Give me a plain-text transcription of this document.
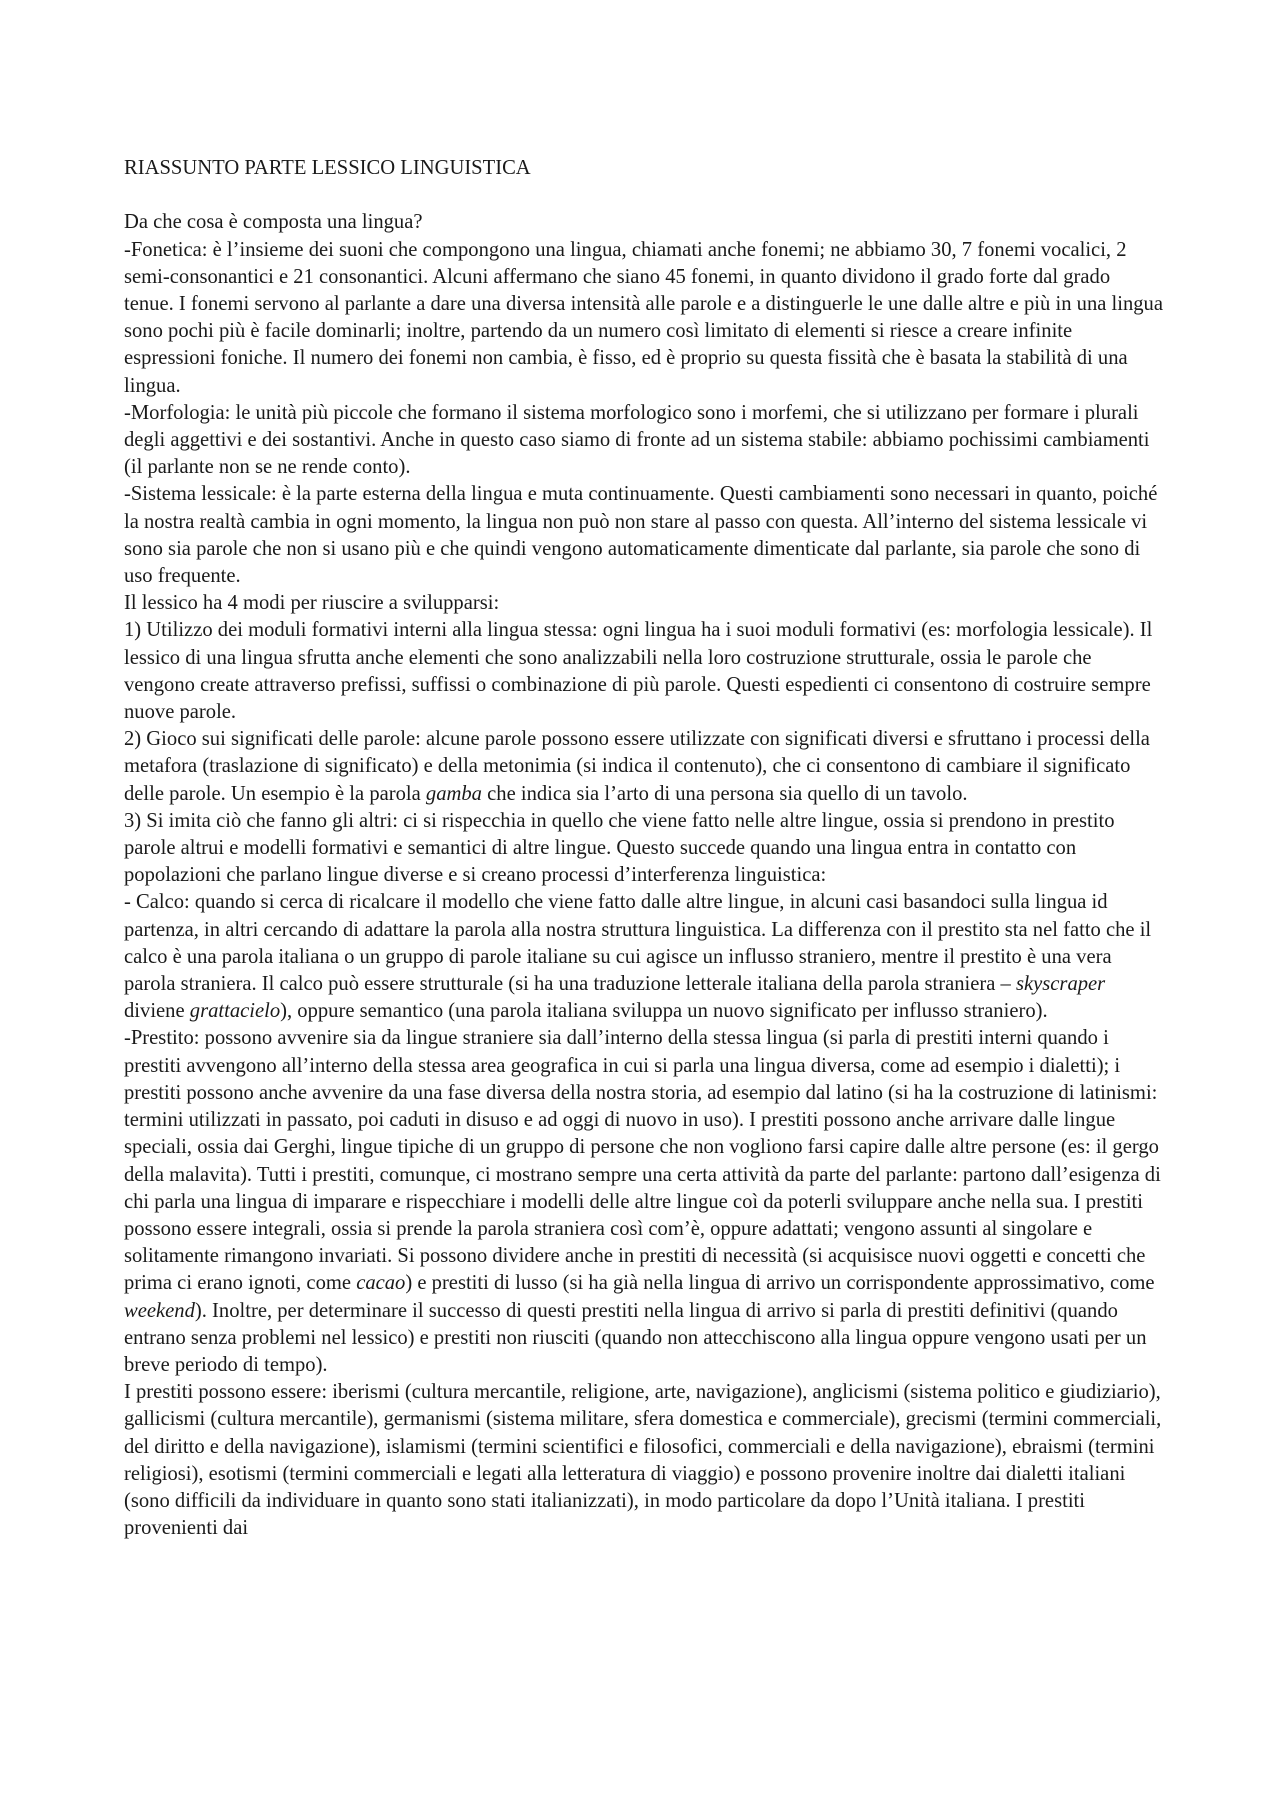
RIASSUNTO PARTE LESSICO LINGUISTICA

Da che cosa è composta una lingua?

-Fonetica: è l’insieme dei suoni che compongono una lingua, chiamati anche fonemi; ne abbiamo 30, 7 fonemi vocalici, 2 semi-consonantici e 21 consonantici. Alcuni affermano che siano 45 fonemi, in quanto dividono il grado forte dal grado tenue. I fonemi servono al parlante a dare una diversa intensità alle parole e a distinguerle le une dalle altre e più in una lingua sono pochi più è facile dominarli; inoltre, partendo da un numero così limitato di elementi si riesce a creare infinite espressioni foniche. Il numero dei fonemi non cambia, è fisso, ed è proprio su questa fissità che è basata la stabilità di una lingua.

-Morfologia: le unità più piccole che formano il sistema morfologico sono i morfemi, che si utilizzano per formare i plurali degli aggettivi e dei sostantivi. Anche in questo caso siamo di fronte ad un sistema stabile: abbiamo pochissimi cambiamenti (il parlante non se ne rende conto).

-Sistema lessicale: è la parte esterna della lingua e muta continuamente. Questi cambiamenti sono necessari in quanto, poiché la nostra realtà cambia in ogni momento, la lingua non può non stare al passo con questa. All’interno del sistema lessicale vi sono sia parole che non si usano più e che quindi vengono automaticamente dimenticate dal parlante, sia parole che sono di uso frequente.

Il lessico ha 4 modi per riuscire a svilupparsi:

1) Utilizzo dei moduli formativi interni alla lingua stessa: ogni lingua ha i suoi moduli formativi (es: morfologia lessicale). Il lessico di una lingua sfrutta anche elementi che sono analizzabili nella loro costruzione strutturale, ossia le parole che vengono create attraverso prefissi, suffissi o combinazione di più parole. Questi espedienti ci consentono di costruire sempre nuove parole.

2) Gioco sui significati delle parole: alcune parole possono essere utilizzate con significati diversi e sfruttano i processi della metafora (traslazione di significato) e della metonimia (si indica il contenuto), che ci consentono di cambiare il significato delle parole. Un esempio è la parola gamba che indica sia l’arto di una persona sia quello di un tavolo.

3) Si imita ciò che fanno gli altri: ci si rispecchia in quello che viene fatto nelle altre lingue, ossia si prendono in prestito parole altrui e modelli formativi e semantici di altre lingue. Questo succede quando una lingua entra in contatto con popolazioni che parlano lingue diverse e si creano processi d’interferenza linguistica:

- Calco: quando si cerca di ricalcare il modello che viene fatto dalle altre lingue, in alcuni casi basandoci sulla lingua id partenza, in altri cercando di adattare la parola alla nostra struttura linguistica. La differenza con il prestito sta nel fatto che il calco è una parola italiana o un gruppo di parole italiane su cui agisce un influsso straniero, mentre il prestito è una vera parola straniera. Il calco può essere strutturale (si ha una traduzione letterale italiana della parola straniera – skyscraper diviene grattacielo), oppure semantico (una parola italiana sviluppa un nuovo significato per influsso straniero).

-Prestito: possono avvenire sia da lingue straniere sia dall’interno della stessa lingua (si parla di prestiti interni quando i prestiti avvengono all’interno della stessa area geografica in cui si parla una lingua diversa, come ad esempio i dialetti); i prestiti possono anche avvenire da una fase diversa della nostra storia, ad esempio dal latino (si ha la costruzione di latinismi: termini utilizzati in passato, poi caduti in disuso e ad oggi di nuovo in uso). I prestiti possono anche arrivare dalle lingue speciali, ossia dai Gerghi, lingue tipiche di un gruppo di persone che non vogliono farsi capire dalle altre persone (es: il gergo della malavita). Tutti i prestiti, comunque, ci mostrano sempre una certa attività da parte del parlante: partono dall’esigenza di chi parla una lingua di imparare e rispecchiare i modelli delle altre lingue coì da poterli sviluppare anche nella sua. I prestiti possono essere integrali, ossia si prende la parola straniera così com’è, oppure adattati; vengono assunti al singolare e solitamente rimangono invariati. Si possono dividere anche in prestiti di necessità (si acquisisce nuovi oggetti e concetti che prima ci erano ignoti, come cacao) e prestiti di lusso (si ha già nella lingua di arrivo un corrispondente approssimativo, come weekend). Inoltre, per determinare il successo di questi prestiti nella lingua di arrivo si parla di prestiti definitivi (quando entrano senza problemi nel lessico) e prestiti non riusciti (quando non attecchiscono alla lingua oppure vengono usati per un breve periodo di tempo).

I prestiti possono essere: iberismi (cultura mercantile, religione, arte, navigazione), anglicismi (sistema politico e giudiziario), gallicismi (cultura mercantile), germanismi (sistema militare, sfera domestica e commerciale), grecismi (termini commerciali, del diritto e della navigazione), islamismi (termini scientifici e filosofici, commerciali e della navigazione), ebraismi (termini religiosi), esotismi (termini commerciali e legati alla letteratura di viaggio) e possono provenire inoltre dai dialetti italiani (sono difficili da individuare in quanto sono stati italianizzati), in modo particolare da dopo l’Unità italiana. I prestiti provenienti dai
